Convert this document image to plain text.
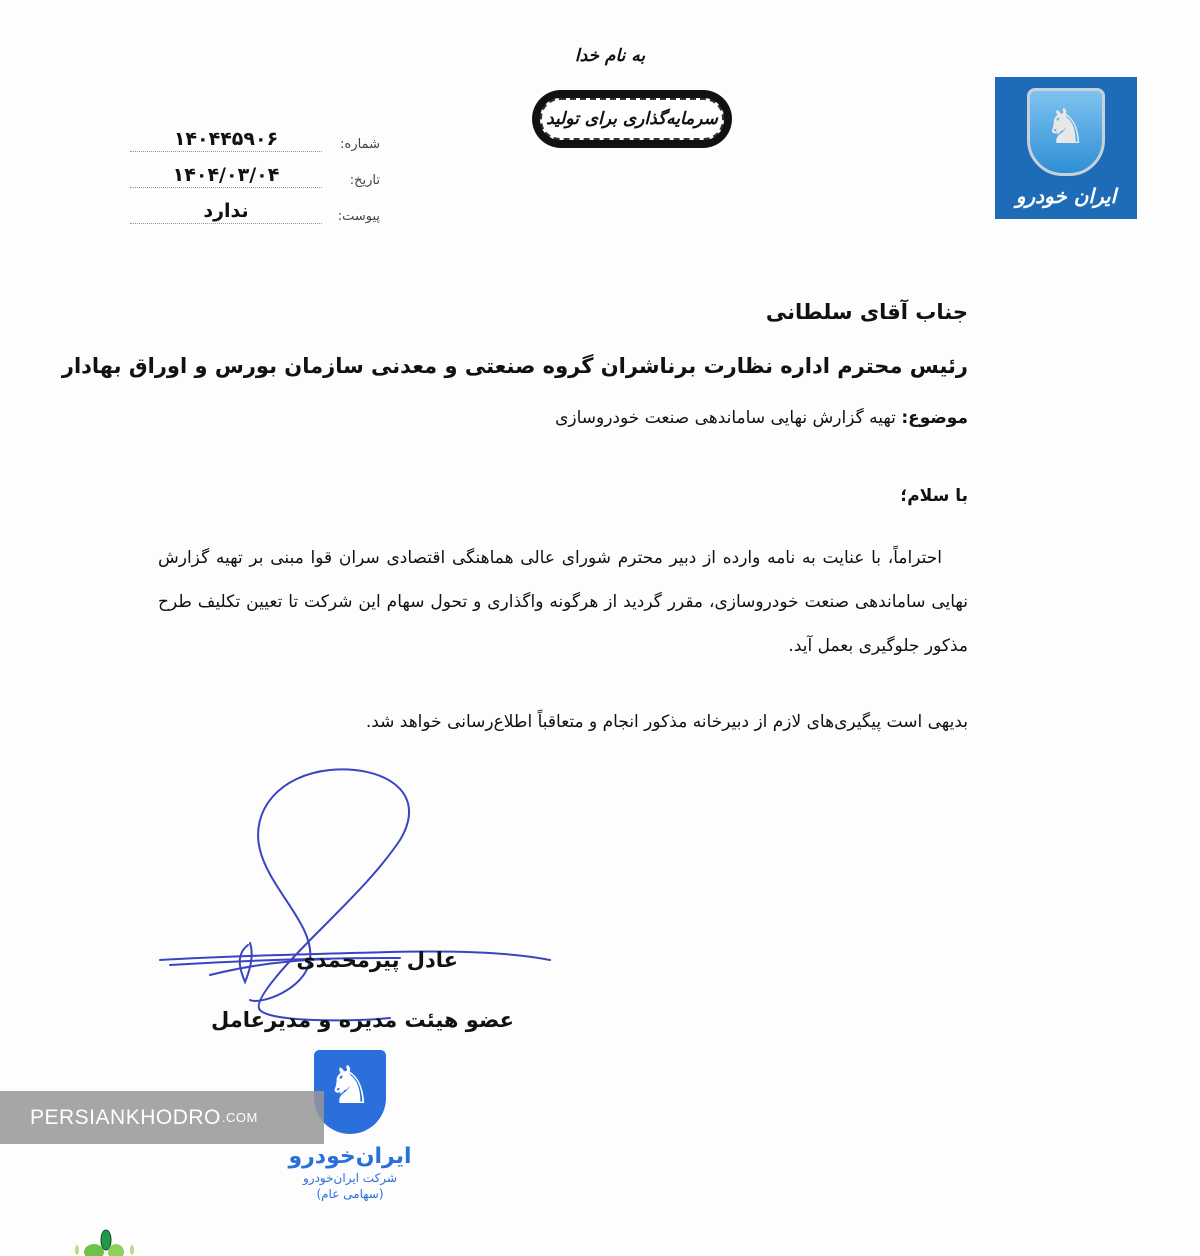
به نام خدا
سرمایه‌گذاری برای تولید
شماره:
۱۴۰۴۴۵۹۰۶
تاریخ:
۱۴۰۴/۰۳/۰۴
پیوست:
ندارد
♞
ایران خودرو
جناب آقای سلطانی
رئیس محترم اداره نظارت برناشران گروه صنعتی و معدنی سازمان بورس و اوراق بهادار
موضوع: تهیه گزارش نهایی ساماندهی صنعت خودروسازی
با سلام؛
احتراماً، با عنایت به نامه وارده از دبیر محترم شورای عالی هماهنگی اقتصادی سران قوا مبنی بر تهیه گزارش نهایی ساماندهی صنعت خودروسازی، مقرر گردید از هرگونه واگذاری و تحول سهام این شرکت تا تعیین تکلیف طرح مذکور جلوگیری بعمل آید.
بدیهی است پیگیری‌های لازم از دبیرخانه مذکور انجام و متعاقباً اطلاع‌رسانی خواهد شد.
عادل پیرمحمدی
عضو هیئت مدیره و مدیرعامل
♞
ایران‌خودرو
شرکت ایران‌خودرو
(سهامی عام)
PERSIANKHODRO .COM
